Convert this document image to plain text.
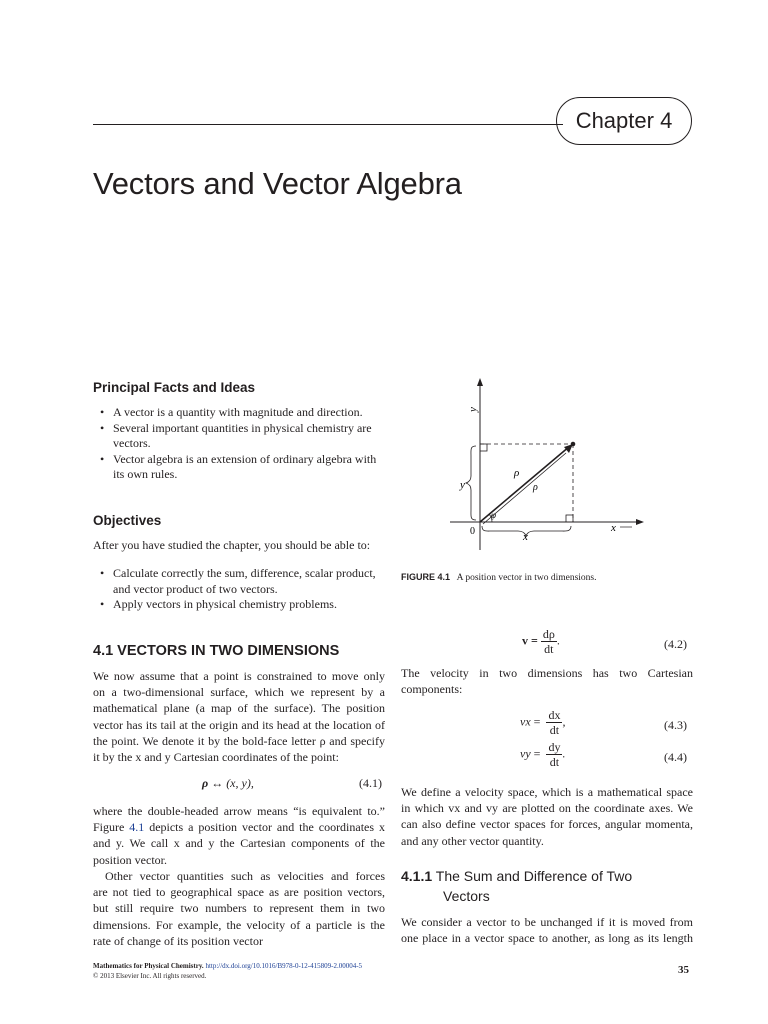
Chapter 4
Vectors and Vector Algebra
Principal Facts and Ideas
• A vector is a quantity with magnitude and direction.
• Several important quantities in physical chemistry are vectors.
• Vector algebra is an extension of ordinary algebra with its own rules.
Objectives
After you have studied the chapter, you should be able to:
• Calculate correctly the sum, difference, scalar product, and vector product of two vectors.
• Apply vectors in physical chemistry problems.
y
x
0
y
x
ρ
ρ⃗
φ
FIGURE 4.1 A position vector in two dimensions.
4.1 VECTORS IN TWO DIMENSIONS
We now assume that a point is constrained to move only
on a two-dimensional surface, which we represent by a
mathematical plane (a map of the surface). The position
vector has its tail at the origin and its head at the location of
the point. We denote it by the bold-face letter ρ and specify
it by the x and y Cartesian coordinates of the point:
ρ ↔ (x, y),	(4.1)
where the double-headed arrow means “is equivalent to.”
Figure 4.1 depicts a position vector and the coordinates x
and y. We call x and y the Cartesian components of the
position vector.
Other vector quantities such as velocities and forces
are not tied to geographical space as are position vectors,
but still require two numbers to represent them in two
dimensions. For example, the velocity of a particle is the
rate of change of its position vector
$v = \frac{d\rho}{dt}$ .	(4.2)
The velocity in two dimensions has two Cartesian
components:
vx = $\frac{dx}{dt}$ ,	(4.3)
vy = $\frac{dy}{dt}$ .	(4.4)
We define a velocity space, which is a mathematical space
in which vx and vy are plotted on the coordinate axes. We
can also define vector spaces for forces, angular momenta,
and any other vector quantity.
4.1.1 The Sum and Difference of Two
Vectors
We consider a vector to be unchanged if it is moved from
one place in a vector space to another, as long as its length
Mathematics for Physical Chemistry. http://dx.doi.org/10.1016/B978-0-12-415809-2.00004-5
© 2013 Elsevier Inc. All rights reserved.	35
